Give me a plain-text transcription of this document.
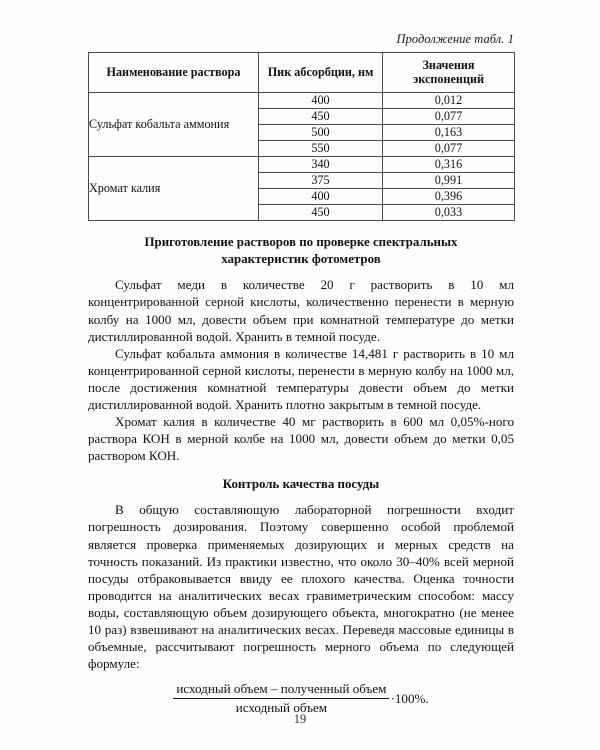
Продолжение табл. 1
Наименование раствора	Пик абсорбции, нм	Значения
экспоненций
Сульфат кобальта аммония	400	0,012
	450	0,077
	500	0,163
	550	0,077
Хромат калия	340	0,316
	375	0,991
	400	0,396
	450	0,033
Приготовление растворов по проверке спектральных характеристик фотометров

Сульфат меди в количестве 20 г растворить в 10 мл концентрированной серной кислоты, количественно перенести в мерную колбу на 1000 мл, довести объем при комнатной температуре до метки дистиллированной водой. Хранить в темной посуде.

Сульфат кобальта аммония в количестве 14,481 г растворить в 10 мл концентрированной серной кислоты, перенести в мерную колбу на 1000 мл, после достижения комнатной температуры довести объем до метки дистиллированной водой. Хранить плотно закрытым в темной посуде.

Хромат калия в количестве 40 мг растворить в 600 мл 0,05%-ного раствора КОН в мерной колбе на 1000 мл, довести объем до метки 0,05 раствором КОН.

Контроль качества посуды

В общую составляющую лабораторной погрешности входит погрешность дозирования. Поэтому совершенно особой проблемой является проверка применяемых дозирующих и мерных средств на точность показаний. Из практики известно, что около 30–40% всей мерной посуды отбраковывается ввиду ее плохого качества. Оценка точности проводится на аналитических весах гравиметрическим способом: массу воды, составляющую объем дозирующего объекта, многократно (не менее 10 раз) взвешивают на аналитических весах. Переведя массовые единицы в объемные, рассчитывают погрешность мерного объема по следующей формуле:

$\frac{\text{исходный объем – полученный объем}}{\text{исходный объем}} \cdot 100\%$.
19
